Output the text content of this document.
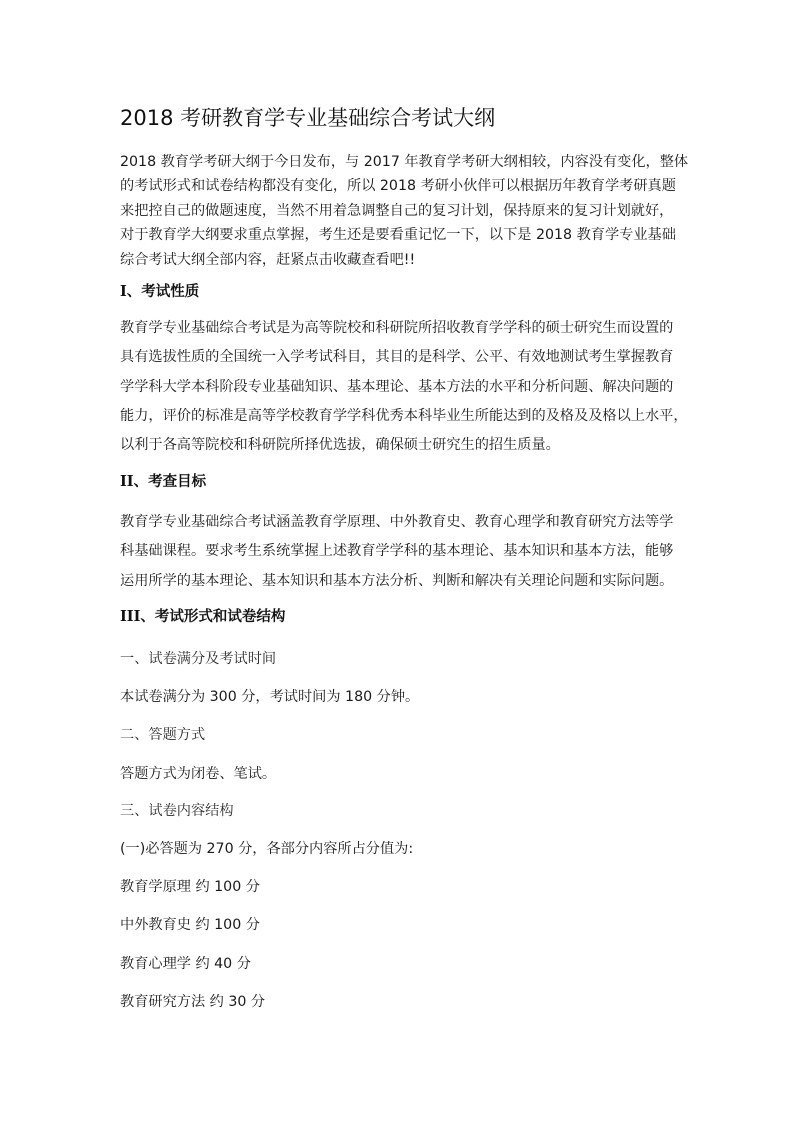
2018 考研教育学专业基础综合考试大纲

2018 教育学考研大纲于今日发布，与 2017 年教育学考研大纲相较，内容没有变化，整体
的考试形式和试卷结构都没有变化，所以 2018 考研小伙伴可以根据历年教育学考研真题
来把控自己的做题速度，当然不用着急调整自己的复习计划，保持原来的复习计划就好，
对于教育学大纲要求重点掌握，考生还是要看重记忆一下，以下是 2018 教育学专业基础
综合考试大纲全部内容，赶紧点击收藏查看吧!!

I、考试性质

教育学专业基础综合考试是为高等院校和科研院所招收教育学学科的硕士研究生而设置的
具有选拔性质的全国统一入学考试科目，其目的是科学、公平、有效地测试考生掌握教育
学学科大学本科阶段专业基础知识、基本理论、基本方法的水平和分析问题、解决问题的
能力，评价的标准是高等学校教育学学科优秀本科毕业生所能达到的及格及及格以上水平，
以利于各高等院校和科研院所择优选拔，确保硕士研究生的招生质量。

II、考查目标

教育学专业基础综合考试涵盖教育学原理、中外教育史、教育心理学和教育研究方法等学
科基础课程。要求考生系统掌握上述教育学学科的基本理论、基本知识和基本方法，能够
运用所学的基本理论、基本知识和基本方法分析、判断和解决有关理论问题和实际问题。

III、考试形式和试卷结构
一、试卷满分及考试时间
本试卷满分为 300 分，考试时间为 180 分钟。
二、答题方式
答题方式为闭卷、笔试。
三、试卷内容结构
(一)必答题为 270 分，各部分内容所占分值为:
教育学原理 约 100 分
中外教育史 约 100 分
教育心理学 约 40 分
教育研究方法 约 30 分
